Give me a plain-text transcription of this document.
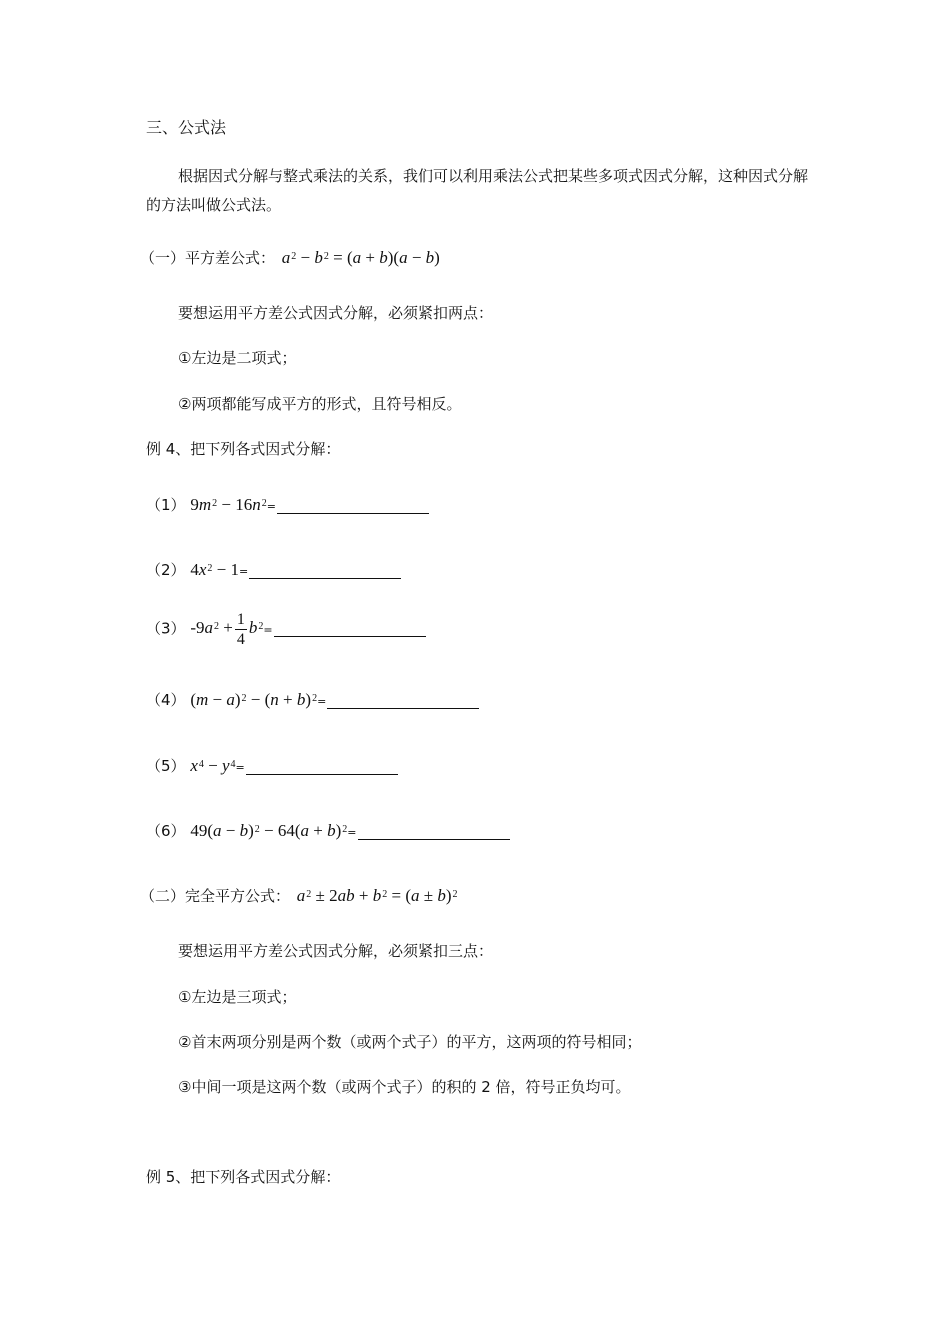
三、公式法
根据因式分解与整式乘法的关系，我们可以利用乘法公式把某些多项式因式分解，这种因式分解的方法叫做公式法。
（一）平方差公式： $a^2 - b^2 = (a + b)(a - b)$
要想运用平方差公式因式分解，必须紧扣两点：
①左边是二项式；
②两项都能写成平方的形式，且符号相反。
例 4、把下列各式因式分解：
（1） $9m^2 - 16n^2=$
（2） $4x^2 - 1=$
（3） $-9a^2 + \frac{1}{4} b^2=$
（4） $(m - a)^2 - (n + b)^2=$
（5） $x^4 - y^4=$
（6） $49(a - b)^2 - 64(a + b)^2=$
（二）完全平方公式： $a^2 \pm 2ab + b^2 = (a \pm b)^2$
要想运用平方差公式因式分解，必须紧扣三点：
①左边是三项式；
②首末两项分别是两个数（或两个式子）的平方，这两项的符号相同；
③中间一项是这两个数（或两个式子）的积的 2 倍，符号正负均可。
例 5、把下列各式因式分解：
